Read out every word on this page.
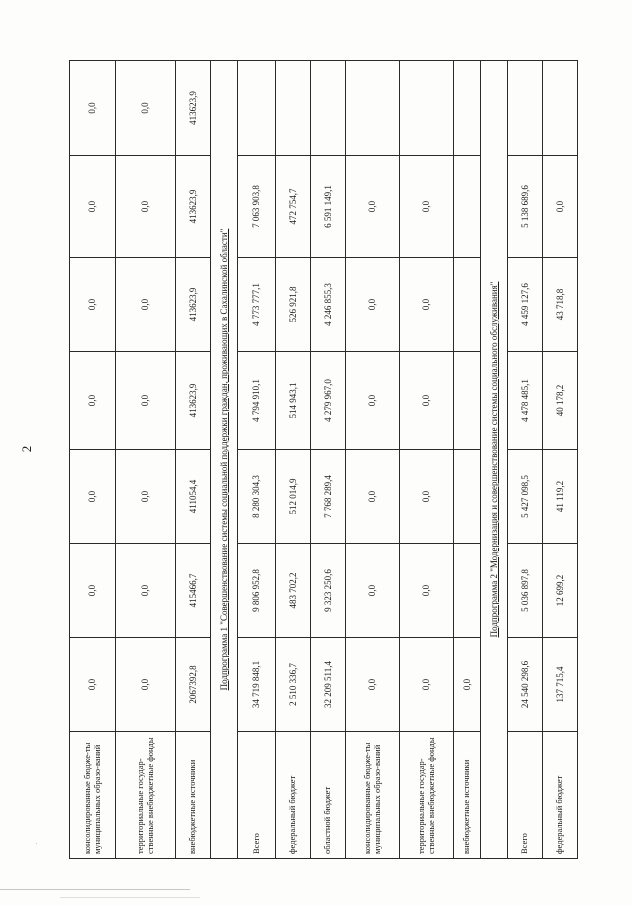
2
консолидированные бюдже-ты муниципальных образо-ваний	0,0	0,0	0,0	0,0	0,0	0,0	0,0
территориальные государ-ственные внебюджетные фонды	0,0	0,0	0,0	0,0	0,0	0,0	0,0
внебюджетные источники	2067392,8	415466,7	411054,4	413623,9	413623,9	413623,9	413623,9
Подпрограмма 1 "Совершенствование системы социальной поддержки граждан, проживающих в Сахалинской области"							
Всего	34 719 848,1	9 806 952,8	8 280 304,3	4 794 910,1	4 773 777,1	7 063 903,8	
федеральный бюджет	2 510 336,7	483 702,2	512 014,9	514 943,1	526 921,8	472 754,7	
областной бюджет	32 209 511,4	9 323 250,6	7 768 289,4	4 279 967,0	4 246 855,3	6 591 149,1	
консолидированные бюдже-ты муниципальных образо-ваний	0,0	0,0	0,0	0,0	0,0	0,0	
территориальные государ-ственные внебюджетные фонды	0,0	0,0	0,0	0,0	0,0	0,0	
внебюджетные источники	0,0						
Подпрограмма 2 "Модернизация и совершенствование системы социального обслуживания"							
Всего	24 540 298,6	5 036 897,8	5 427 098,5	4 478 485,1	4 459 127,6	5 138 689,6	
федеральный бюджет	137 715,4	12 699,2	41 119,2	40 178,2	43 718,8	0,0	
